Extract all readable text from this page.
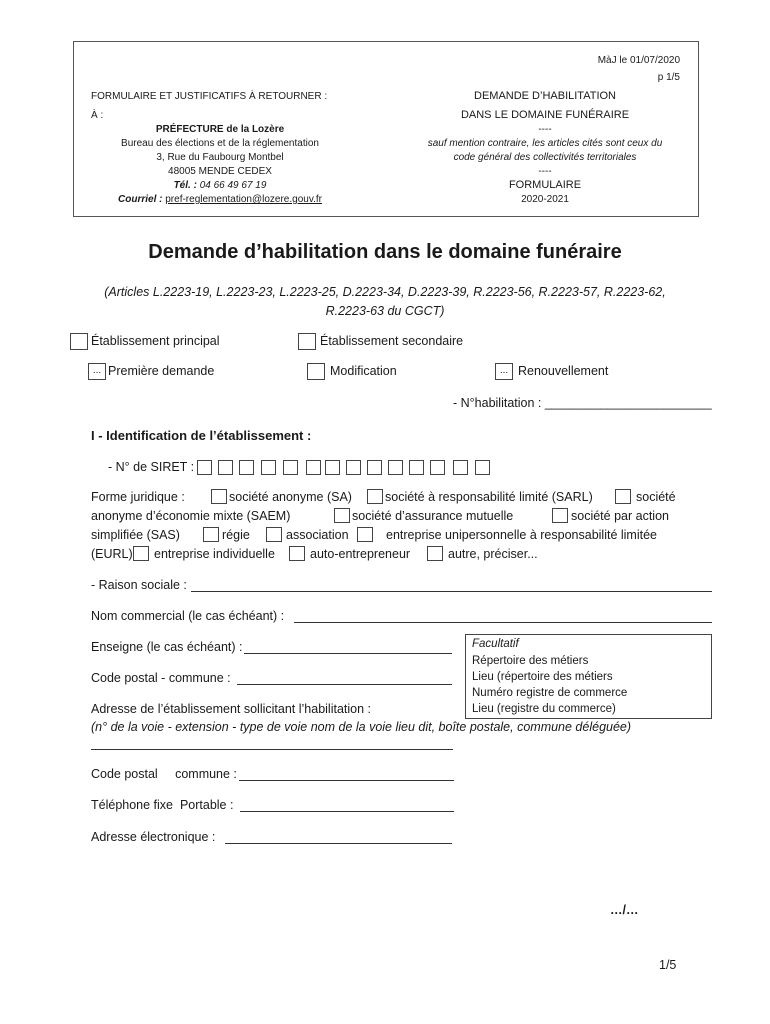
MàJ le 01/07/2020
p 1/5
FORMULAIRE ET JUSTIFICATIFS À RETOURNER :
À :
PRÉFECTURE de la Lozère
Bureau des élections et de la réglementation
3, Rue du Faubourg Montbel
48005 MENDE CEDEX
Tél. : 04 66 49 67 19
Courriel : pref-reglementation@lozere.gouv.fr
DEMANDE D’HABILITATION
DANS LE DOMAINE FUNÉRAIRE
----
sauf mention contraire, les articles cités sont ceux du
code général des collectivités territoriales
----
FORMULAIRE
2020-2021
Demande d’habilitation dans le domaine funéraire
(Articles L.2223-19, L.2223-23, L.2223-25, D.2223-34, D.2223-39, R.2223-56, R.2223-57, R.2223-62,
R.2223-63 du CGCT)
Établissement principal	Établissement secondaire
... Première demande	Modification	... Renouvellement
- N°habilitation : ________________________
I - Identification de l’établissement :
- N° de SIRET :
Forme juridique :	société anonyme (SA)	société à responsabilité limité (SARL)	société
anonyme d’économie mixte (SAEM)	société d’assurance mutuelle	société par action
simplifiée (SAS)	régie	association	entreprise unipersonnelle à responsabilité limitée
(EURL) entreprise individuelle	auto-entrepreneur	autre, préciser...
- Raison sociale :
Nom commercial (le cas échéant) :
Enseigne (le cas échéant) :
Code postal - commune :
Facultatif
Répertoire des métiers
Lieu (répertoire des métiers
Numéro registre de commerce
Lieu (registre du commerce)
Adresse de l’établissement sollicitant l’habilitation :
(n° de la voie - extension - type de voie nom de la voie lieu dit, boîte postale, commune déléguée)
Code postal     commune :
Téléphone fixe  Portable :
Adresse électronique :
…/…
1/5
